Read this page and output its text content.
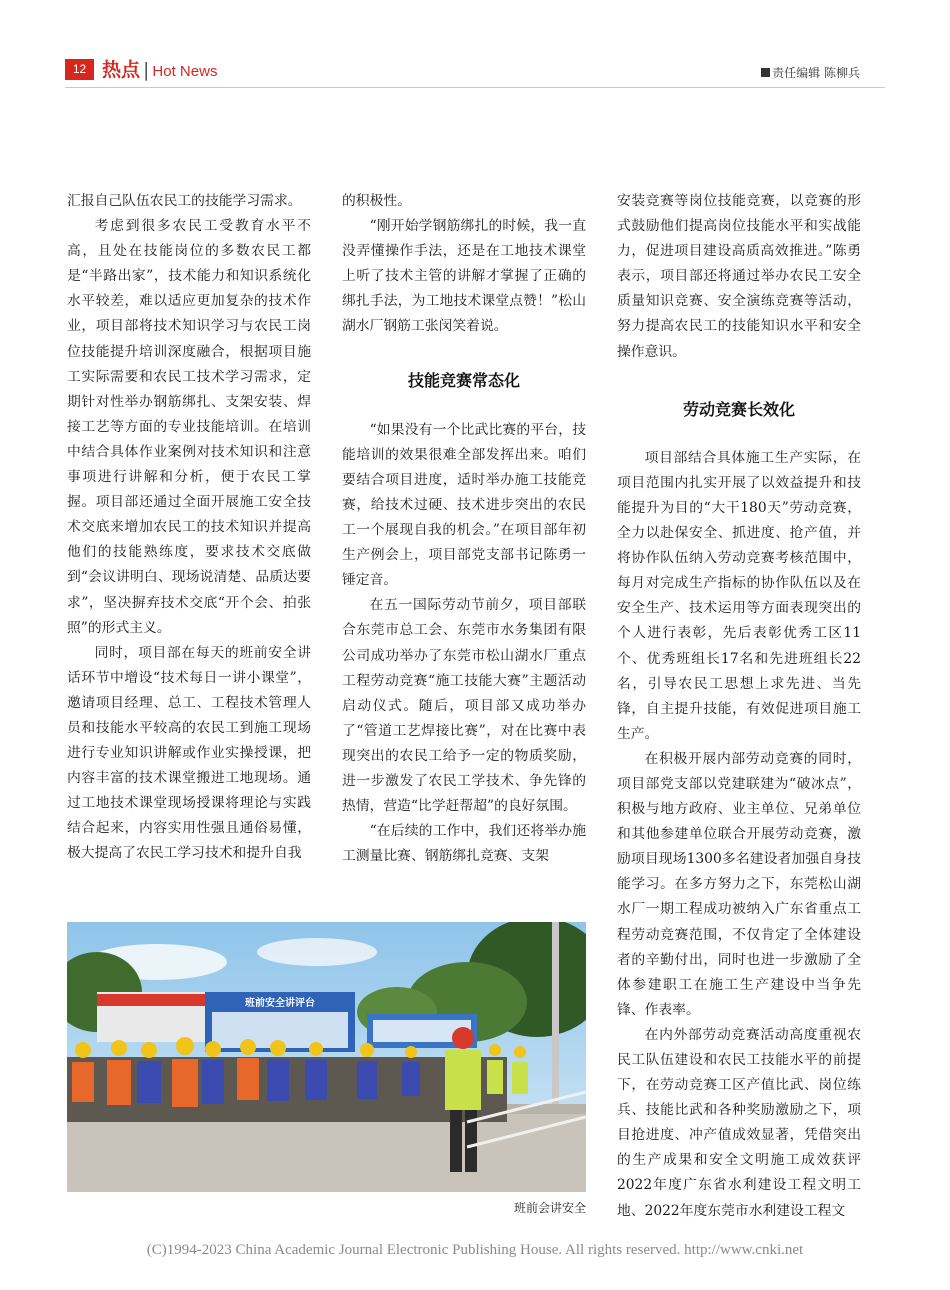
12 热点 | Hot News	责任编辑 陈柳兵

汇报自己队伍农民工的技能学习需求。

考虑到很多农民工受教育水平不高，且处在技能岗位的多数农民工都是“半路出家”，技术能力和知识系统化水平较差，难以适应更加复杂的技术作业，项目部将技术知识学习与农民工岗位技能提升培训深度融合，根据项目施工实际需要和农民工技术学习需求，定期针对性举办钢筋绑扎、支架安装、焊接工艺等方面的专业技能培训。在培训中结合具体作业案例对技术知识和注意事项进行讲解和分析，便于农民工掌握。项目部还通过全面开展施工安全技术交底来增加农民工的技术知识并提高他们的技能熟练度，要求技术交底做到“会议讲明白、现场说清楚、品质达要求”，坚决摒弃技术交底“开个会、拍张照”的形式主义。

同时，项目部在每天的班前安全讲话环节中增设“技术每日一讲小课堂”，邀请项目经理、总工、工程技术管理人员和技能水平较高的农民工到施工现场进行专业知识讲解或作业实操授课，把内容丰富的技术课堂搬进工地现场。通过工地技术课堂现场授课将理论与实践结合起来，内容实用性强且通俗易懂，极大提高了农民工学习技术和提升自我

的积极性。

“刚开始学钢筋绑扎的时候，我一直没弄懂操作手法，还是在工地技术课堂上听了技术主管的讲解才掌握了正确的绑扎手法，为工地技术课堂点赞！”松山湖水厂钢筋工张闵笑着说。

技能竞赛常态化

“如果没有一个比武比赛的平台，技能培训的效果很难全部发挥出来。咱们要结合项目进度，适时举办施工技能竞赛，给技术过硬、技术进步突出的农民工一个展现自我的机会。”在项目部年初生产例会上，项目部党支部书记陈勇一锤定音。

在五一国际劳动节前夕，项目部联合东莞市总工会、东莞市水务集团有限公司成功举办了东莞市松山湖水厂重点工程劳动竞赛“施工技能大赛”主题活动启动仪式。随后，项目部又成功举办了“管道工艺焊接比赛”，对在比赛中表现突出的农民工给予一定的物质奖励，进一步激发了农民工学技术、争先锋的热情，营造“比学赶帮超”的良好氛围。

“在后续的工作中，我们还将举办施工测量比赛、钢筋绑扎竞赛、支架

安装竞赛等岗位技能竞赛，以竞赛的形式鼓励他们提高岗位技能水平和实战能力，促进项目建设高质高效推进。”陈勇表示，项目部还将通过举办农民工安全质量知识竞赛、安全演练竞赛等活动，努力提高农民工的技能知识水平和安全操作意识。

劳动竞赛长效化

项目部结合具体施工生产实际，在项目范围内扎实开展了以效益提升和技能提升为目的“大干180天”劳动竞赛，全力以赴保安全、抓进度、抢产值，并将协作队伍纳入劳动竞赛考核范围中，每月对完成生产指标的协作队伍以及在安全生产、技术运用等方面表现突出的个人进行表彰，先后表彰优秀工区11个、优秀班组长17名和先进班组长22名，引导农民工思想上求先进、当先锋，自主提升技能，有效促进项目施工生产。

在积极开展内部劳动竞赛的同时，项目部党支部以党建联建为“破冰点”，积极与地方政府、业主单位、兄弟单位和其他参建单位联合开展劳动竞赛，激励项目现场1300多名建设者加强自身技能学习。在多方努力之下，东莞松山湖水厂一期工程成功被纳入广东省重点工程劳动竞赛范围，不仅肯定了全体建设者的辛勤付出，同时也进一步激励了全体参建职工在施工生产建设中当争先锋、作表率。

在内外部劳动竞赛活动高度重视农民工队伍建设和农民工技能水平的前提下，在劳动竞赛工区产值比武、岗位练兵、技能比武和各种奖励激励之下，项目抢进度、冲产值成效显著，凭借突出的生产成果和安全文明施工成效获评2022年度广东省水利建设工程文明工地、2022年度东莞市水利建设工程文

班前安全讲评台
班前会讲安全
(C)1994-2023 China Academic Journal Electronic Publishing House. All rights reserved. http://www.cnki.net
